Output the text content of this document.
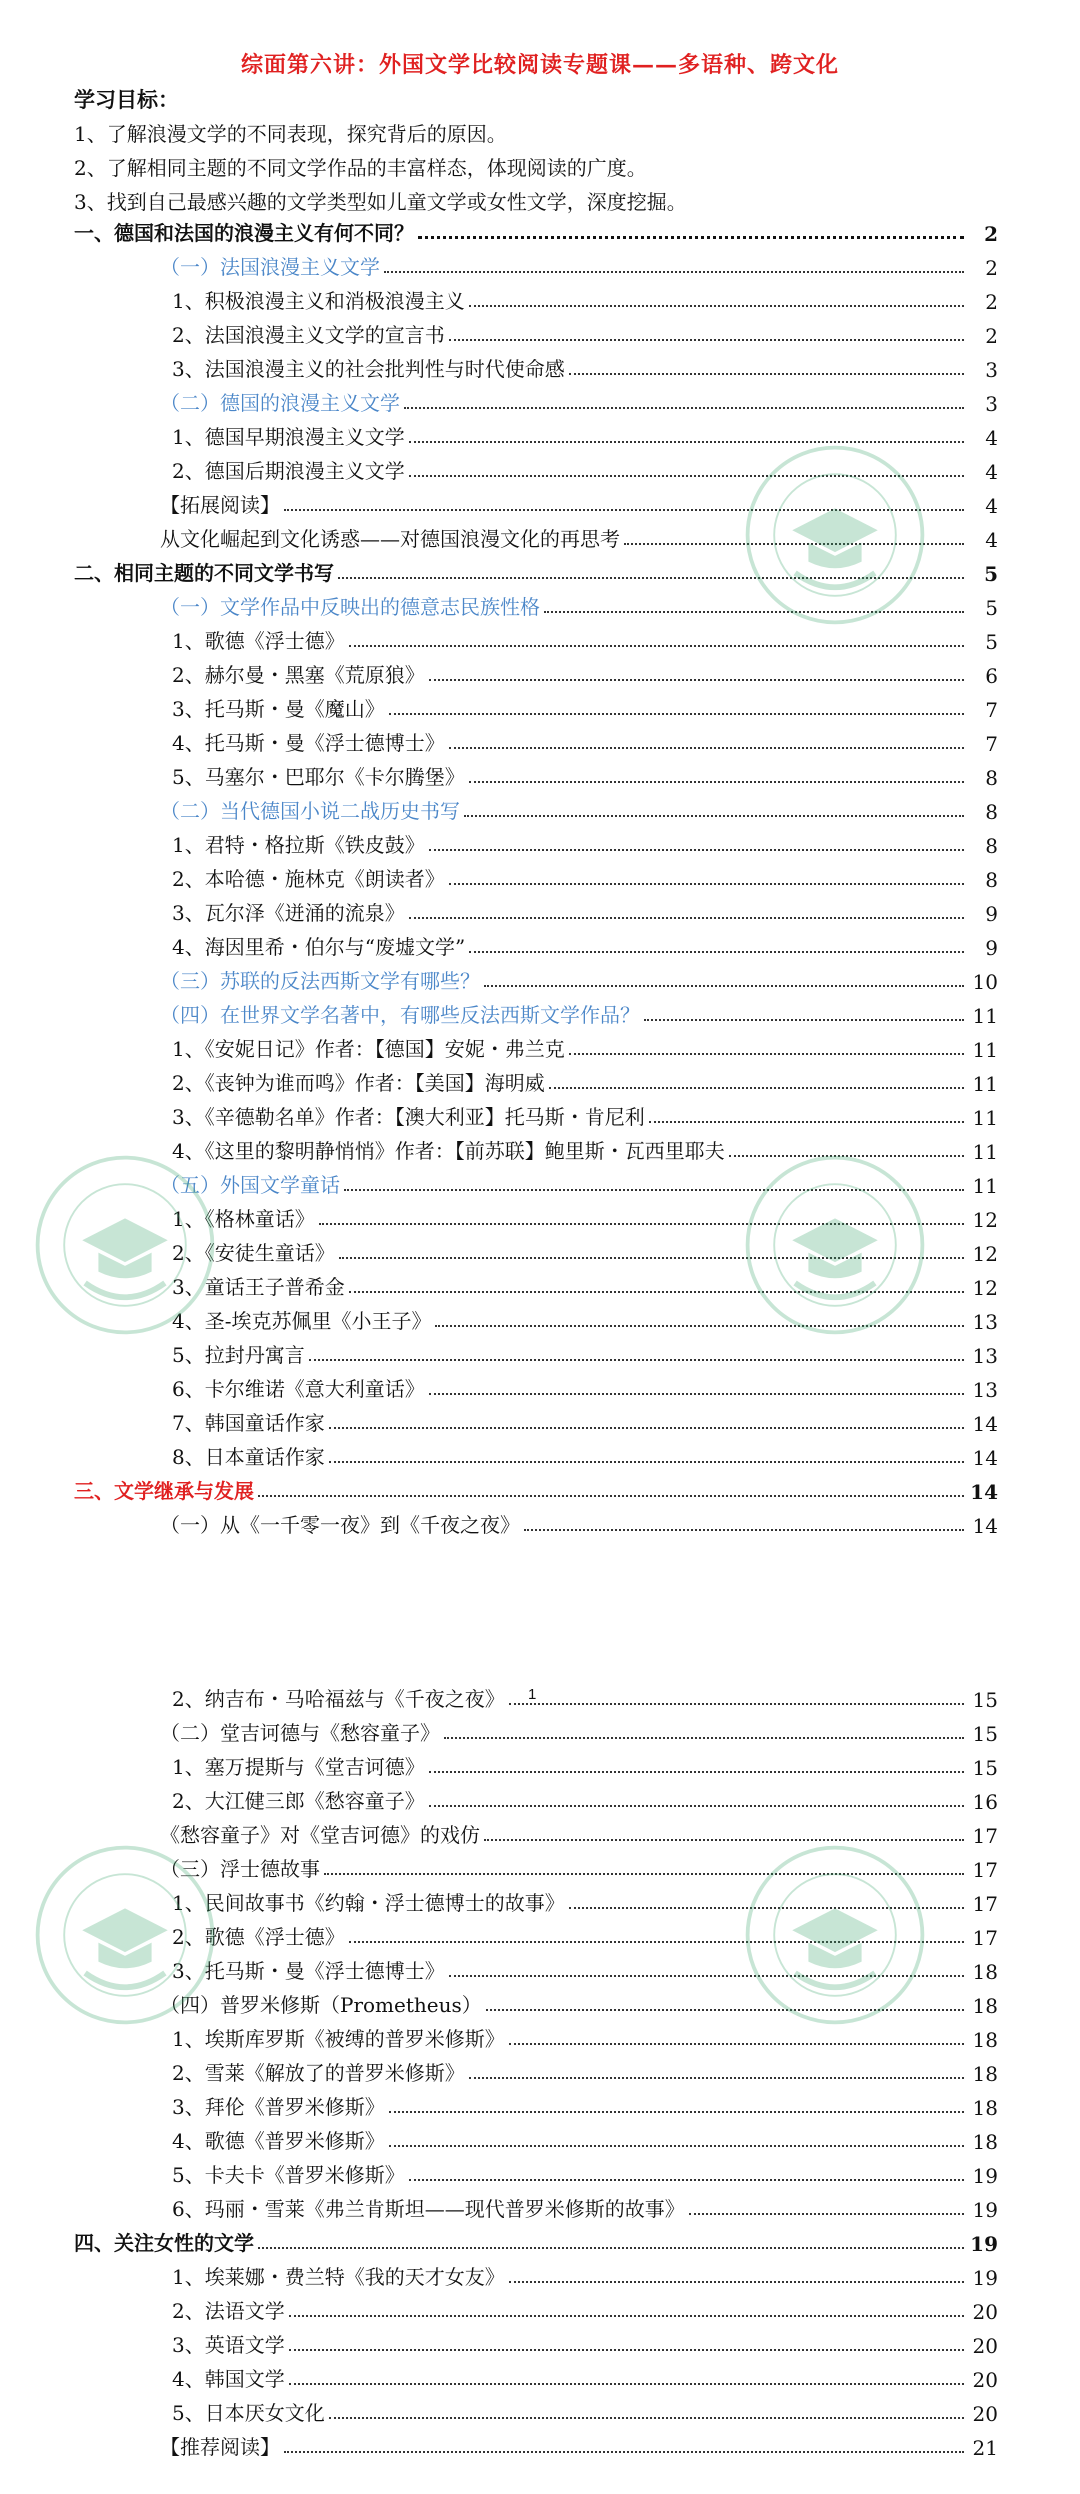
综面第六讲：外国文学比较阅读专题课——多语种、跨文化
学习目标：
1、了解浪漫文学的不同表现，探究背后的原因。
2、了解相同主题的不同文学作品的丰富样态，体现阅读的广度。
3、找到自己最感兴趣的文学类型如儿童文学或女性文学，深度挖掘。
一、德国和法国的浪漫主义有何不同？	2
（一）法国浪漫主义文学	2
1、积极浪漫主义和消极浪漫主义	2
2、法国浪漫主义文学的宣言书	2
3、法国浪漫主义的社会批判性与时代使命感	3
（二）德国的浪漫主义文学	3
1、德国早期浪漫主义文学	4
2、德国后期浪漫主义文学	4
【拓展阅读】	4
从文化崛起到文化诱惑——对德国浪漫文化的再思考	4
二、相同主题的不同文学书写	5
（一）文学作品中反映出的德意志民族性格	5
1、歌德《浮士德》	5
2、赫尔曼・黑塞《荒原狼》	6
3、托马斯・曼《魔山》	7
4、托马斯・曼《浮士德博士》	7
5、马塞尔・巴耶尔《卡尔腾堡》	8
（二）当代德国小说二战历史书写	8
1、君特・格拉斯《铁皮鼓》	8
2、本哈德・施林克《朗读者》	8
3、瓦尔泽《迸涌的流泉》	9
4、海因里希・伯尔与“废墟文学”	9
（三）苏联的反法西斯文学有哪些？	10
（四）在世界文学名著中，有哪些反法西斯文学作品？	11
1、《安妮日记》作者：【德国】安妮・弗兰克	11
2、《丧钟为谁而鸣》作者：【美国】海明威	11
3、《辛德勒名单》作者：【澳大利亚】托马斯・肯尼利	11
4、《这里的黎明静悄悄》作者：【前苏联】鲍里斯・瓦西里耶夫	11
（五）外国文学童话	11
1、《格林童话》	12
2、《安徒生童话》	12
3、童话王子普希金	12
4、圣-埃克苏佩里《小王子》	13
5、拉封丹寓言	13
6、卡尔维诺《意大利童话》	13
7、韩国童话作家	14
8、日本童话作家	14
三、文学继承与发展	14
（一）从《一千零一夜》到《千夜之夜》	14
1
2、纳吉布・马哈福兹与《千夜之夜》	15
（二）堂吉诃德与《愁容童子》	15
1、塞万提斯与《堂吉诃德》	15
2、大江健三郎《愁容童子》	16
《愁容童子》对《堂吉诃德》的戏仿	17
（三）浮士德故事	17
1、民间故事书《约翰・浮士德博士的故事》	17
2、歌德《浮士德》	17
3、托马斯・曼《浮士德博士》	18
（四）普罗米修斯（Prometheus）	18
1、埃斯库罗斯《被缚的普罗米修斯》	18
2、雪莱《解放了的普罗米修斯》	18
3、拜伦《普罗米修斯》	18
4、歌德《普罗米修斯》	18
5、卡夫卡《普罗米修斯》	19
6、玛丽・雪莱《弗兰肯斯坦——现代普罗米修斯的故事》	19
四、关注女性的文学	19
1、埃莱娜・费兰特《我的天才女友》	19
2、法语文学	20
3、英语文学	20
4、韩国文学	20
5、日本厌女文化	20
【推荐阅读】	21
